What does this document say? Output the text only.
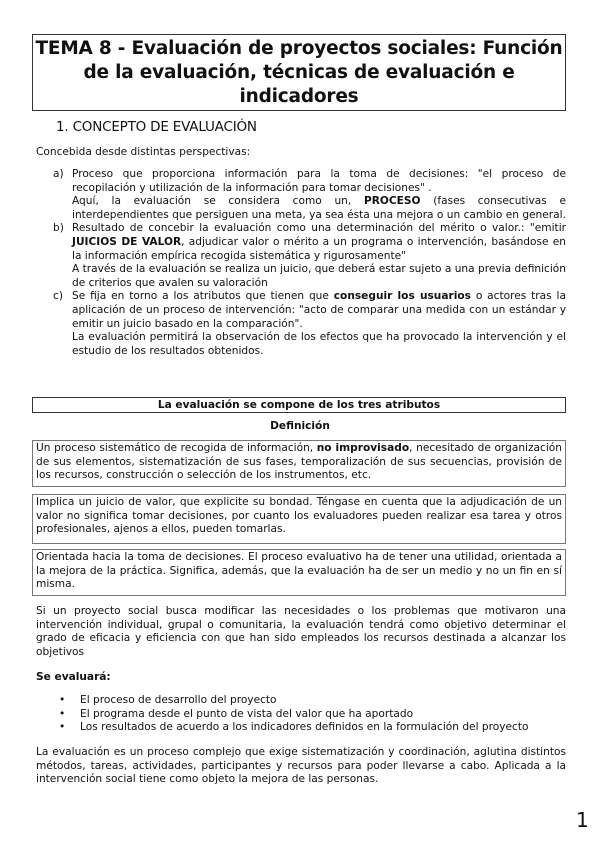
TEMA 8 - Evaluación de proyectos sociales: Función de la evaluación, técnicas de evaluación e indicadores
1. CONCEPTO DE EVALUACIÓN
Concebida desde distintas perspectivas:
a) Proceso que proporciona información para la toma de decisiones: "el proceso de recopilación y utilización de la información para tomar decisiones" .
Aquí, la evaluación se considera como un, PROCESO (fases consecutivas e interdependientes que persiguen una meta, ya sea ésta una mejora o un cambio en general.
b) Resultado de concebir la evaluación como una determinación del mérito o valor.: "emitir JUICIOS DE VALOR, adjudicar valor o mérito a un programa o intervención, basándose en la información empírica recogida sistemática y rigurosamente"
A través de la evaluación se realiza un juicio, que deberá estar sujeto a una previa definición de criterios que avalen su valoración
c) Se fija en torno a los atributos que tienen que conseguir los usuarios o actores tras la aplicación de un proceso de intervención: "acto de comparar una medida con un estándar y emitir un juicio basado en la comparación".
La evaluación permitirá la observación de los efectos que ha provocado la intervención y el estudio de los resultados obtenidos.
La evaluación se compone de los tres atributos
Definición
Un proceso sistemático de recogida de información, no improvisado, necesitado de organización de sus elementos, sistematización de sus fases, temporalización de sus secuencias, provisión de los recursos, construcción o selección de los instrumentos, etc.
Implica un juicio de valor, que explicite su bondad. Téngase en cuenta que la adjudicación de un valor no significa tomar decisiones, por cuanto los evaluadores pueden realizar esa tarea y otros profesionales, ajenos a ellos, pueden tomarlas.
Orientada hacia la toma de decisiones. El proceso evaluativo ha de tener una utilidad, orientada a la mejora de la práctica. Significa, además, que la evaluación ha de ser un medio y no un fin en sí misma.
Si un proyecto social busca modificar las necesidades o los problemas que motivaron una intervención individual, grupal o comunitaria, la evaluación tendrá como objetivo determinar el grado de eficacia y eficiencia con que han sido empleados los recursos destinada a alcanzar los objetivos
Se evaluará:
•	El proceso de desarrollo del proyecto
•	El programa desde el punto de vista del valor que ha aportado
•	Los resultados de acuerdo a los indicadores definidos en la formulación del proyecto
La evaluación es un proceso complejo que exige sistematización y coordinación, aglutina distintos métodos, tareas, actividades, participantes y recursos para poder llevarse a cabo. Aplicada a la intervención social tiene como objeto la mejora de las personas.
1
